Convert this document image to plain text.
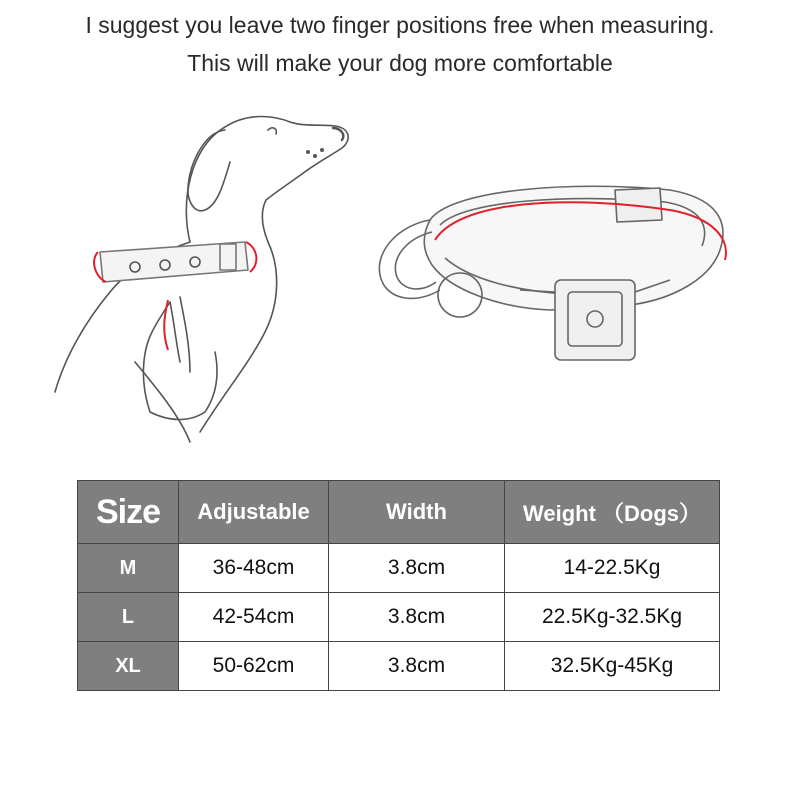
I suggest you leave two finger positions free when measuring.
This will make your dog more comfortable
Size	Adjustable	Width	Weight （Dogs）
M	36-48cm	3.8cm	14-22.5Kg
L	42-54cm	3.8cm	22.5Kg-32.5Kg
XL	50-62cm	3.8cm	32.5Kg-45Kg
